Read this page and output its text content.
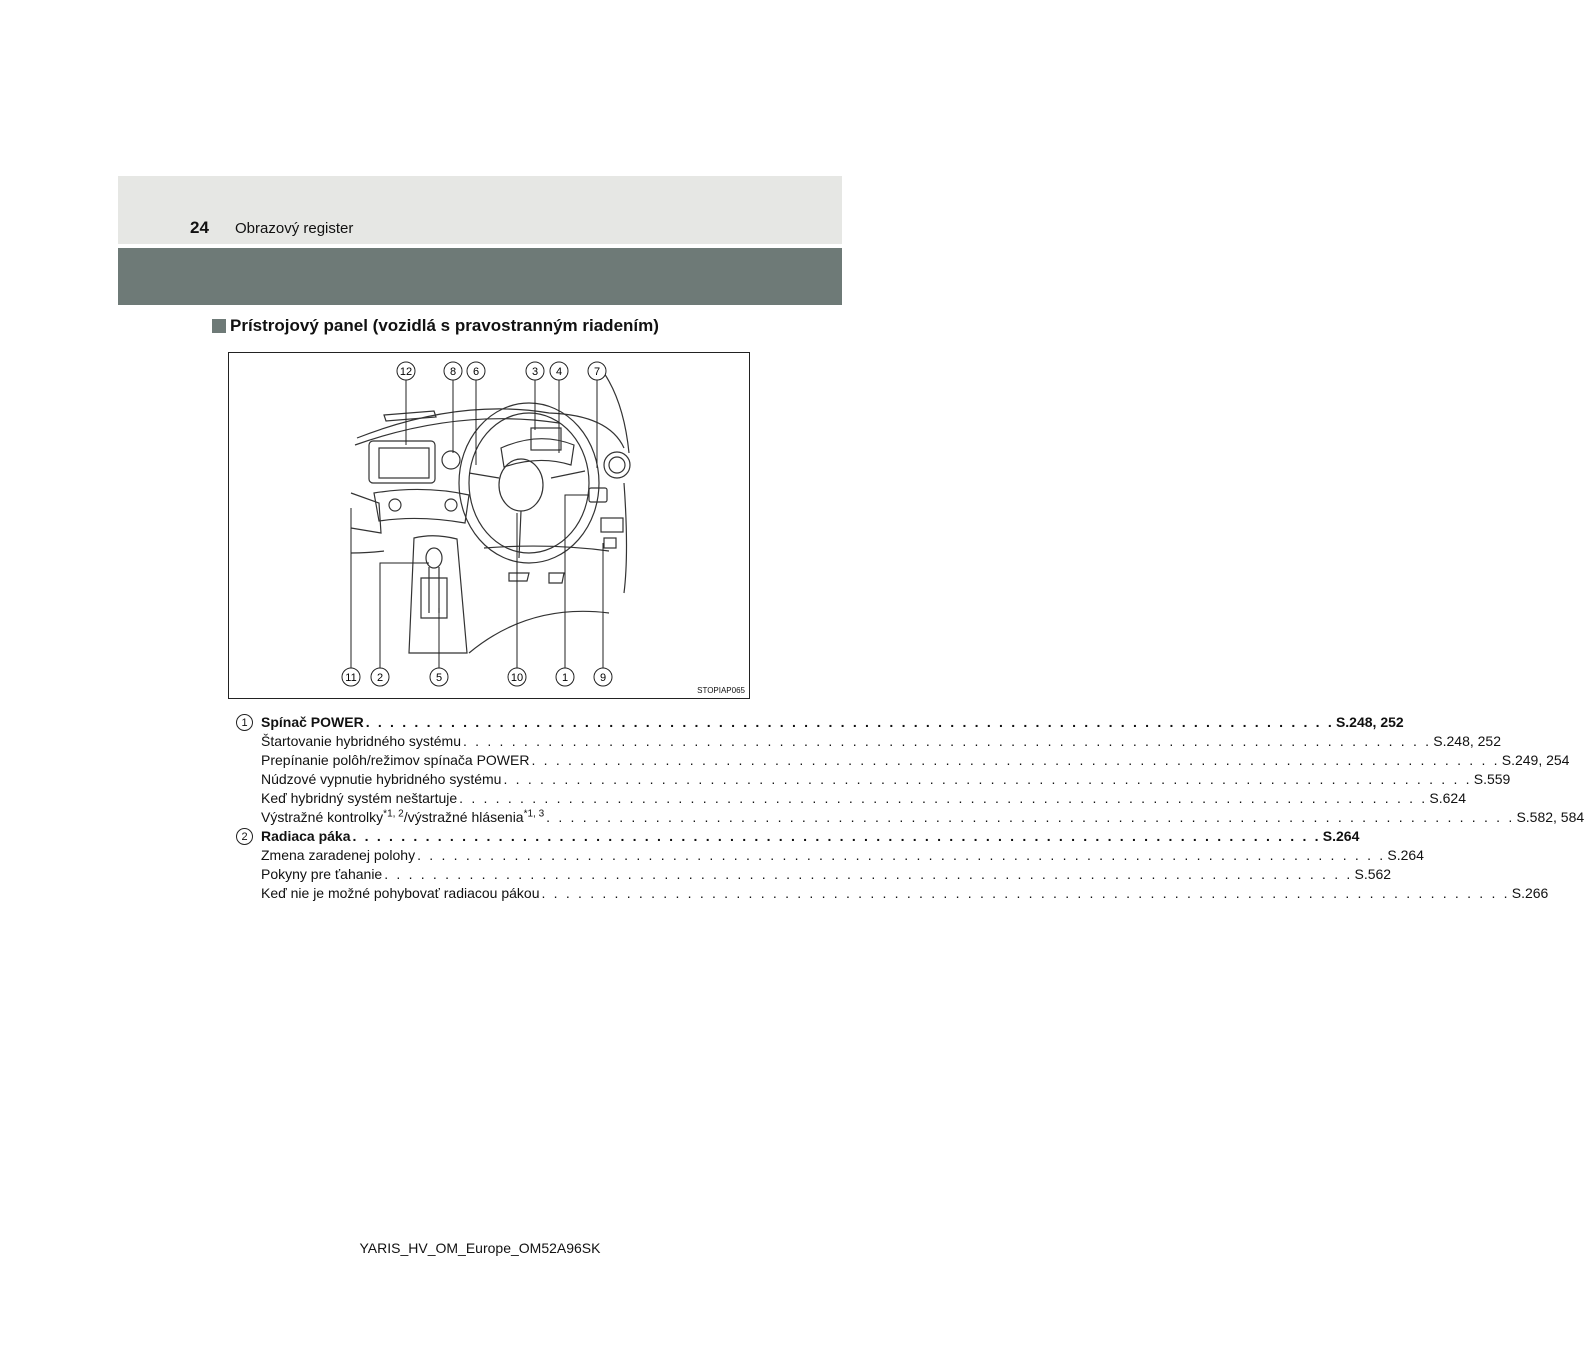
24 Obrazový register
Prístrojový panel (vozidlá s pravostranným riadením)
12	8 6	3 4	7
11 2	5	10	1	9
STOPIAP065
1 Spínač POWER . . . . . . . . . . . . . . . . . . . . . . . . . . . . . . . . . . . . . . . . . . . . . . . . . . . . . . . . . . . . . . . . . . . . . . . . . . . . . . . . S.248, 252
Štartovanie hybridného systému . . . . . . . . . . . . . . . . . . . . . . . . . . . . . . . . . . . . . . . . . . . . . . . . . . . . . . . . . . . . . . . . . . . . . . . . . . . . . . . . S.248, 252
Prepínanie polôh/režimov spínača POWER . . . . . . . . . . . . . . . . . . . . . . . . . . . . . . . . . . . . . . . . . . . . . . . . . . . . . . . . . . . . . . . . . . . . . . . . . . . . . . . . S.249, 254
Núdzové vypnutie hybridného systému . . . . . . . . . . . . . . . . . . . . . . . . . . . . . . . . . . . . . . . . . . . . . . . . . . . . . . . . . . . . . . . . . . . . . . . . . . . . . . . . S.559
Keď hybridný systém neštartuje . . . . . . . . . . . . . . . . . . . . . . . . . . . . . . . . . . . . . . . . . . . . . . . . . . . . . . . . . . . . . . . . . . . . . . . . . . . . . . . . S.624
Výstražné kontrolky$^{*1, 2}$/výstražné hlásenia$^{*1, 3}$ . . . . . . . . . . . . . . . . . . . . . . . . . . . . . . . . . . . . . . . . . . . . . . . . . . . . . . . . . . . . . . . . . . . . . . . . . . . . . . . . S.582, 584
2 Radiaca páka . . . . . . . . . . . . . . . . . . . . . . . . . . . . . . . . . . . . . . . . . . . . . . . . . . . . . . . . . . . . . . . . . . . . . . . . . . . . . . . . S.264
Zmena zaradenej polohy . . . . . . . . . . . . . . . . . . . . . . . . . . . . . . . . . . . . . . . . . . . . . . . . . . . . . . . . . . . . . . . . . . . . . . . . . . . . . . . . S.264
Pokyny pre ťahanie . . . . . . . . . . . . . . . . . . . . . . . . . . . . . . . . . . . . . . . . . . . . . . . . . . . . . . . . . . . . . . . . . . . . . . . . . . . . . . . . S.562
Keď nie je možné pohybovať radiacou pákou . . . . . . . . . . . . . . . . . . . . . . . . . . . . . . . . . . . . . . . . . . . . . . . . . . . . . . . . . . . . . . . . . . . . . . . . . . . . . . . . S.266
YARIS_HV_OM_Europe_OM52A96SK
